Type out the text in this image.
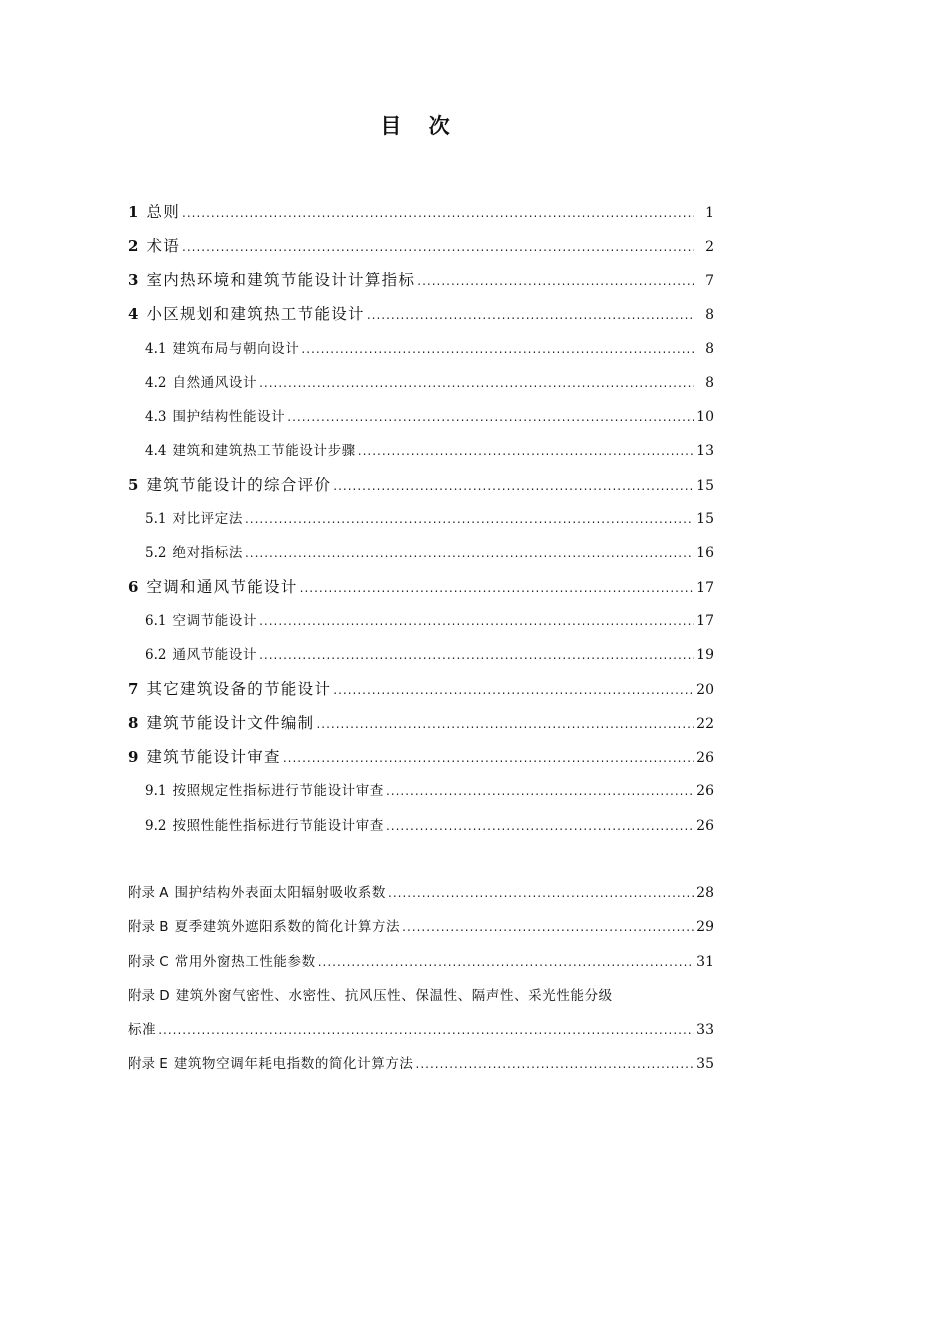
目 次
1 总则 .....	1
2 术语 .....	2
3 室内热环境和建筑节能设计计算指标 .....	7
4 小区规划和建筑热工节能设计 .....	8
4.1 建筑布局与朝向设计 .....	8
4.2 自然通风设计 .....	8
4.3 围护结构性能设计 .....	10
4.4 建筑和建筑热工节能设计步骤 .....	13
5 建筑节能设计的综合评价 .....	15
5.1 对比评定法 .....	15
5.2 绝对指标法 .....	16
6 空调和通风节能设计 .....	17
6.1 空调节能设计 .....	17
6.2 通风节能设计 .....	19
7 其它建筑设备的节能设计 .....	20
8 建筑节能设计文件编制 .....	22
9 建筑节能设计审查 .....	26
9.1 按照规定性指标进行节能设计审查 .....	26
9.2 按照性能性指标进行节能设计审查 .....	26
附录 A 围护结构外表面太阳辐射吸收系数 .....	28
附录 B 夏季建筑外遮阳系数的简化计算方法 .....	29
附录 C 常用外窗热工性能参数 .....	31
附录 D 建筑外窗气密性、水密性、抗风压性、保温性、隔声性、采光性能分级
标准 .....	33
附录 E 建筑物空调年耗电指数的简化计算方法 .....	35
